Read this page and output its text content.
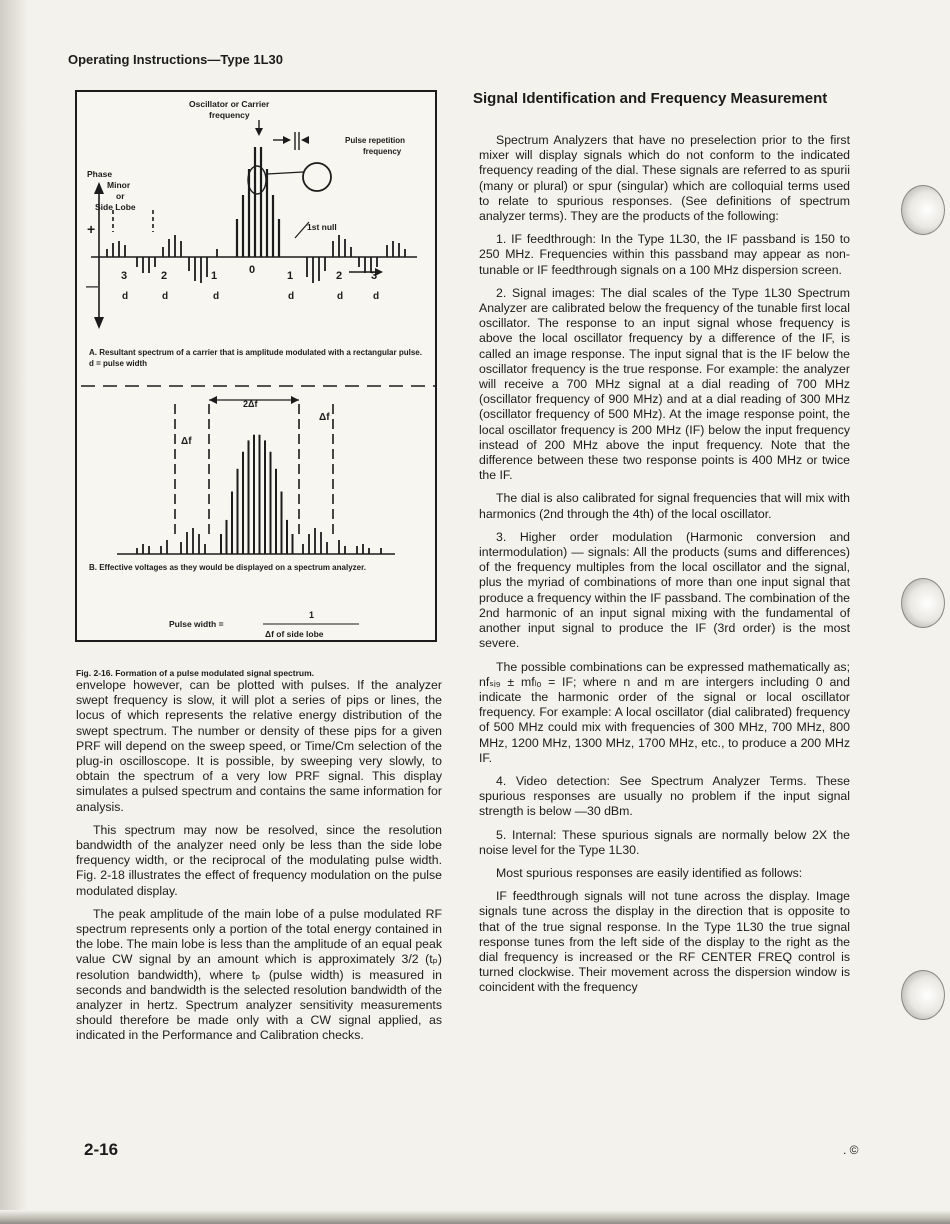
Operating Instructions—Type 1L30
Oscillator or Carrier
frequency
Pulse repetition
frequency
Phase
Minor
or
Side Lobe
1st null
+
—
0
3	2	1	1	2	3
d	d	d	d	d	d
Δf
Δf
2Δf
Pulse width =
1
Δf of side lobe
A. Resultant spectrum of a carrier that is amplitude modulated with a rectangular pulse. d = pulse width
B. Effective voltages as they would be displayed on a spectrum analyzer.
Fig. 2-16. Formation of a pulse modulated signal spectrum.

envelope however, can be plotted with pulses. If the analyzer swept frequency is slow, it will plot a series of pips or lines, the locus of which represents the relative energy distribution of the swept spectrum. The number or density of these pips for a given PRF will depend on the sweep speed, or Time/Cm selection of the plug-in oscilloscope. It is possible, by sweeping very slowly, to obtain the spectrum of a very low PRF signal. This display simulates a pulsed spectrum and contains the same information for analysis.

This spectrum may now be resolved, since the resolution bandwidth of the analyzer need only be less than the side lobe frequency width, or the reciprocal of the modulating pulse width. Fig. 2-18 illustrates the effect of frequency modulation on the pulse modulated display.

The peak amplitude of the main lobe of a pulse modulated RF spectrum represents only a portion of the total energy contained in the lobe. The main lobe is less than the amplitude of an equal peak value CW signal by an amount which is approximately 3/2 (tₚ) resolution bandwidth), where tₚ (pulse width) is measured in seconds and bandwidth is the selected resolution bandwidth of the analyzer in hertz. Spectrum analyzer sensitivity measurements should therefore be made only with a CW signal applied, as indicated in the Performance and Calibration checks.

Signal Identification and Frequency Measurement

Spectrum Analyzers that have no preselection prior to the first mixer will display signals which do not conform to the indicated frequency reading of the dial. These signals are referred to as spurii (many or plural) or spur (singular) which are colloquial terms used to relate to spurious responses. (See definitions of spectrum analyzer terms). They are the products of the following:

1. IF feedthrough: In the Type 1L30, the IF passband is 150 to 250 MHz. Frequencies within this passband may appear as non-tunable or IF feedthrough signals on a 100 MHz dispersion screen.

2. Signal images: The dial scales of the Type 1L30 Spectrum Analyzer are calibrated below the frequency of the tunable first local oscillator. The response to an input signal whose frequency is above the local oscillator frequency by a difference of the IF, is called an image response. The input signal that is the IF below the oscillator frequency is the true response. For example: the analyzer will receive a 700 MHz signal at a dial reading of 700 MHz (oscillator frequency of 900 MHz) and at a dial reading of 300 MHz (oscillator frequency of 500 MHz). At the image response point, the local oscillator frequency is 200 MHz (IF) below the input frequency instead of 200 MHz above the input frequency. Note that the difference between these two response points is 400 MHz or twice the IF.

The dial is also calibrated for signal frequencies that will mix with harmonics (2nd through the 4th) of the local oscillator.

3. Higher order modulation (Harmonic conversion and intermodulation) — signals: All the products (sums and differences) of the frequency multiples from the local oscillator and the signal, plus the myriad of combinations of more than one input signal that produce a frequency within the IF passband. The combination of the 2nd harmonic of an input signal mixing with the fundamental of another input signal to produce the IF (3rd order) is the most severe.

The possible combinations can be expressed mathematically as; nfₛᵢ₉ ± mfₗₒ = IF; where n and m are intergers including 0 and indicate the harmonic order of the signal or local oscillator frequency. For example: A local oscillator (dial calibrated) frequency of 500 MHz could mix with frequencies of 300 MHz, 700 MHz, 800 MHz, 1200 MHz, 1300 MHz, 1700 MHz, etc., to produce a 200 MHz IF.

4. Video detection: See Spectrum Analyzer Terms. These spurious responses are usually no problem if the input signal strength is below —30 dBm.

5. Internal: These spurious signals are normally below 2X the noise level for the Type 1L30.

Most spurious responses are easily identified as follows:

IF feedthrough signals will not tune across the display. Image signals tune across the display in the direction that is opposite to that of the true signal response. In the Type 1L30 the true signal response tunes from the left side of the display to the right as the dial frequency is increased or the RF CENTER FREQ control is turned clockwise. Their movement across the dispersion window is coincident with the frequency

2-16	. ©
